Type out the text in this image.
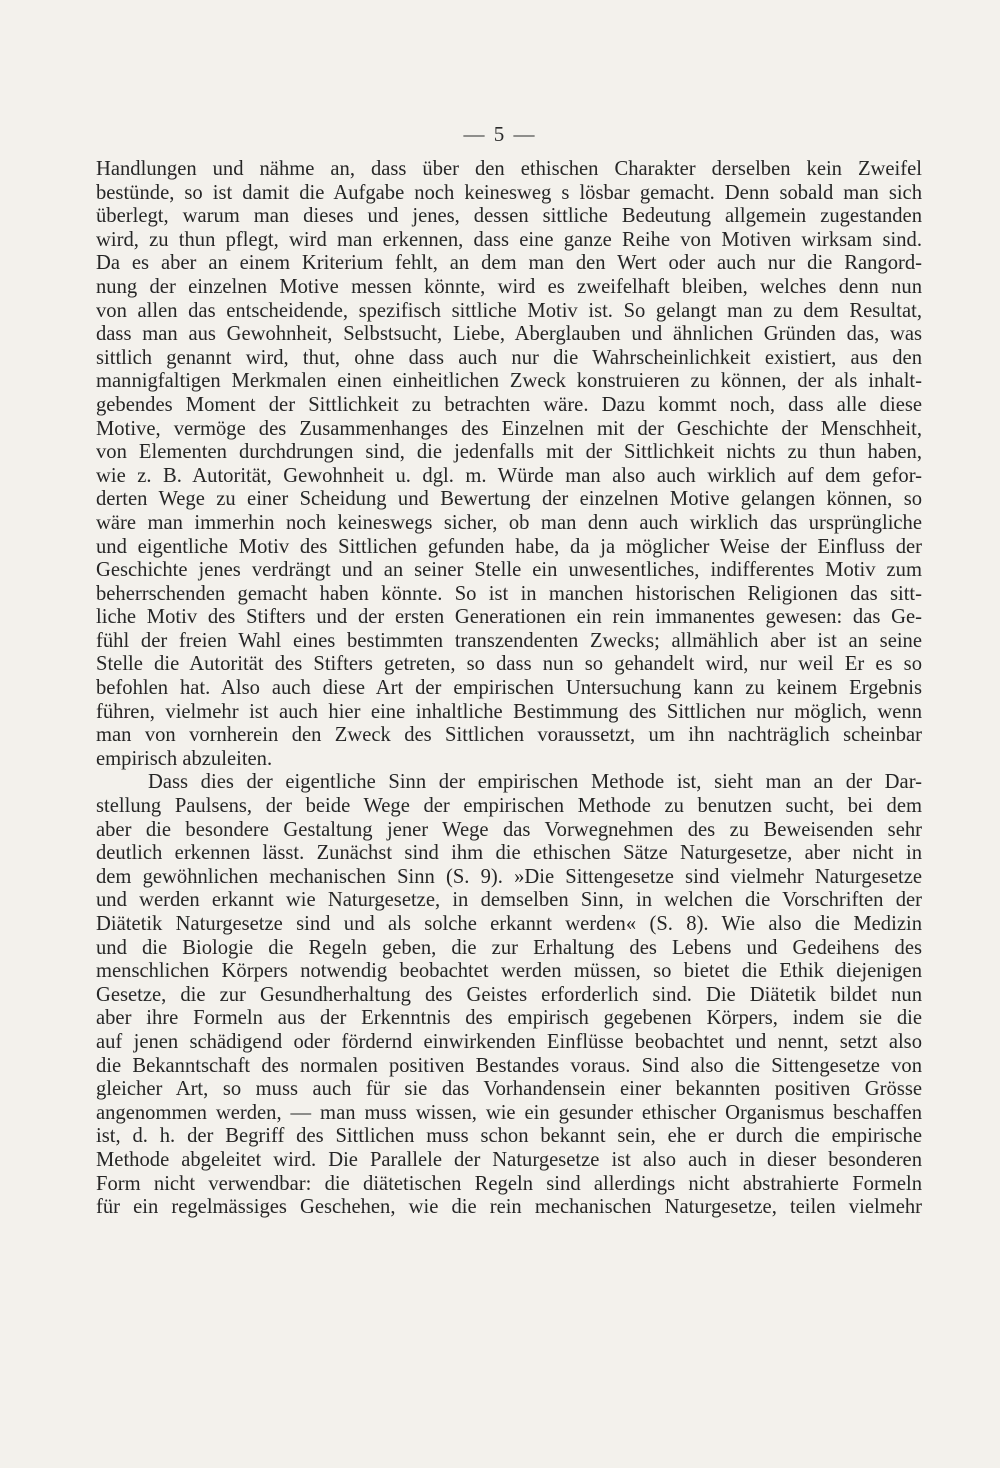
— 5 —
Handlungen und nähme an, dass über den ethischen Charakter derselben kein Zweifel
bestünde, so ist damit die Aufgabe noch keinesweg s lösbar gemacht. Denn sobald man sich
überlegt, warum man dieses und jenes, dessen sittliche Bedeutung allgemein zugestanden
wird, zu thun pflegt, wird man erkennen, dass eine ganze Reihe von Motiven wirksam sind.
Da es aber an einem Kriterium fehlt, an dem man den Wert oder auch nur die Rangord-
nung der einzelnen Motive messen könnte, wird es zweifelhaft bleiben, welches denn nun
von allen das entscheidende, spezifisch sittliche Motiv ist. So gelangt man zu dem Resultat,
dass man aus Gewohnheit, Selbstsucht, Liebe, Aberglauben und ähnlichen Gründen das, was
sittlich genannt wird, thut, ohne dass auch nur die Wahrscheinlichkeit existiert, aus den
mannigfaltigen Merkmalen einen einheitlichen Zweck konstruieren zu können, der als inhalt-
gebendes Moment der Sittlichkeit zu betrachten wäre. Dazu kommt noch, dass alle diese
Motive, vermöge des Zusammenhanges des Einzelnen mit der Geschichte der Menschheit,
von Elementen durchdrungen sind, die jedenfalls mit der Sittlichkeit nichts zu thun haben,
wie z. B. Autorität, Gewohnheit u. dgl. m. Würde man also auch wirklich auf dem gefor-
derten Wege zu einer Scheidung und Bewertung der einzelnen Motive gelangen können, so
wäre man immerhin noch keineswegs sicher, ob man denn auch wirklich das ursprüngliche
und eigentliche Motiv des Sittlichen gefunden habe, da ja möglicher Weise der Einfluss der
Geschichte jenes verdrängt und an seiner Stelle ein unwesentliches, indifferentes Motiv zum
beherrschenden gemacht haben könnte. So ist in manchen historischen Religionen das sitt-
liche Motiv des Stifters und der ersten Generationen ein rein immanentes gewesen: das Ge-
fühl der freien Wahl eines bestimmten transzendenten Zwecks; allmählich aber ist an seine
Stelle die Autorität des Stifters getreten, so dass nun so gehandelt wird, nur weil Er es so
befohlen hat. Also auch diese Art der empirischen Untersuchung kann zu keinem Ergebnis
führen, vielmehr ist auch hier eine inhaltliche Bestimmung des Sittlichen nur möglich, wenn
man von vornherein den Zweck des Sittlichen voraussetzt, um ihn nachträglich scheinbar
empirisch abzuleiten.
Dass dies der eigentliche Sinn der empirischen Methode ist, sieht man an der Dar-
stellung Paulsens, der beide Wege der empirischen Methode zu benutzen sucht, bei dem
aber die besondere Gestaltung jener Wege das Vorwegnehmen des zu Beweisenden sehr
deutlich erkennen lässt. Zunächst sind ihm die ethischen Sätze Naturgesetze, aber nicht in
dem gewöhnlichen mechanischen Sinn (S. 9). »Die Sittengesetze sind vielmehr Naturgesetze
und werden erkannt wie Naturgesetze, in demselben Sinn, in welchen die Vorschriften der
Diätetik Naturgesetze sind und als solche erkannt werden« (S. 8). Wie also die Medizin
und die Biologie die Regeln geben, die zur Erhaltung des Lebens und Gedeihens des
menschlichen Körpers notwendig beobachtet werden müssen, so bietet die Ethik diejenigen
Gesetze, die zur Gesundherhaltung des Geistes erforderlich sind. Die Diätetik bildet nun
aber ihre Formeln aus der Erkenntnis des empirisch gegebenen Körpers, indem sie die
auf jenen schädigend oder fördernd einwirkenden Einflüsse beobachtet und nennt, setzt also
die Bekanntschaft des normalen positiven Bestandes voraus. Sind also die Sittengesetze von
gleicher Art, so muss auch für sie das Vorhandensein einer bekannten positiven Grösse
angenommen werden, — man muss wissen, wie ein gesunder ethischer Organismus beschaffen
ist, d. h. der Begriff des Sittlichen muss schon bekannt sein, ehe er durch die empirische
Methode abgeleitet wird. Die Parallele der Naturgesetze ist also auch in dieser besonderen
Form nicht verwendbar: die diätetischen Regeln sind allerdings nicht abstrahierte Formeln
für ein regelmässiges Geschehen, wie die rein mechanischen Naturgesetze, teilen vielmehr
